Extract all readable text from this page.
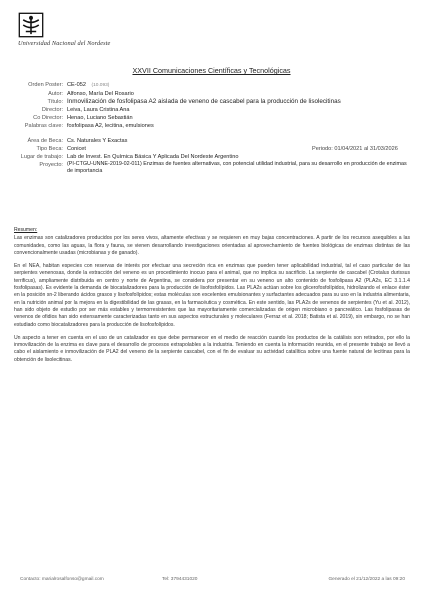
Universidad Nacional del Nordeste
XXVII Comunicaciones Científicas y Tecnológicas
Orden Poster: CE-052 (10.093)
Autor: Alfonso, María Del Rosario
Título: Inmovilización de fosfolipasa A2 aislada de veneno de cascabel para la producción de lisolecitinas
Director: Leiva, Laura Cristina Ana
Co Director: Henao, Luciano Sebastián
Palabras clave: fosfolipasa A2, lecitina, emulsiones
Área de Beca: Cs. Naturales Y Exactas
Tipo Beca: Conicet	Periodo: 01/04/2021 al 31/03/2026
Lugar de trabajo: Lab de Invest. En Química Básica Y Aplicada Del Nordeste Argentino
Proyecto: (PI-CTGU-UNNE-2019-02-011) Enzimas de fuentes alternativas, con potencial utilidad industrial, para su desarrollo en producción de enzimas de importancia
Resumen:

Las enzimas son catalizadores producidos por los seres vivos, altamente efectivas y se requieren en muy bajas concentraciones. A partir de los recursos asequibles a las comunidades, como las aguas, la flora y fauna, se vienen desarrollando investigaciones orientadas al aprovechamiento de fuentes biológicas de enzimas distintas de las convencionalmente usadas (microbianas y de ganado).

En el NEA, habitan especies con reservas de interés por efectuar una secreción rica en enzimas que pueden tener aplicabilidad industrial, tal el caso particular de las serpientes venenosas, donde la extracción del veneno es un procedimiento inocuo para el animal, que no implica su sacrificio. La serpiente de cascabel (Crotalus durissus terrificus), ampliamente distribuida en centro y norte de Argentina, se considera por presentar en su veneno un alto contenido de fosfolipasa A2 (PLA2s, EC 3.1.1.4 fosfolipasas). Es evidente la demanda de biocatalizadores para la producción de lisofosfolípidos. Las PLA2s actúan sobre los glicerofosfolípidos, hidrolizando el enlace éster en la posición sn-2 liberando ácidos grasos y lisofosfolípidos; estas moléculas son excelentes emulsionantes y surfactantes adecuados para su uso en la industria alimentaria, en la nutrición animal por la mejora en la digestibilidad de las grasas, en la farmacéutica y cosmética. En este sentido, las PLA2s de venenos de serpientes (Yu et al. 2012), han sido objeto de estudio por ser más estables y termorresistentes que las mayoritariamente comercializadas de origen microbiano o pancreático. Las fosfolipasas de venenos de ofidios han sido extensamente caracterizadas tanto en sus aspectos estructurales y moleculares (Ferraz et al. 2018; Batista et al. 2019), sin embargo, no se han estudiado como biocatalizadores para la producción de lisofosfolípidos.

Un aspecto a tener en cuenta en el uso de un catalizador es que debe permanecer en el medio de reacción cuando los productos de la catálisis son retirados, por ello la inmovilización de la enzima es clave para el desarrollo de procesos extrapolables a la industria. Teniendo en cuenta la información reunida, en el presente trabajo se llevó a cabo el aislamiento e inmovilización de PLA2 del veneno de la serpiente cascabel, con el fin de evaluar su actividad catalítica sobre una fuente natural de lecitinas para la obtención de lisolecitinas.

Contacto: marialrosalfonso@gmail.com	Tel: 3794431020	Generado el 21/12/2022 a las 09:20
